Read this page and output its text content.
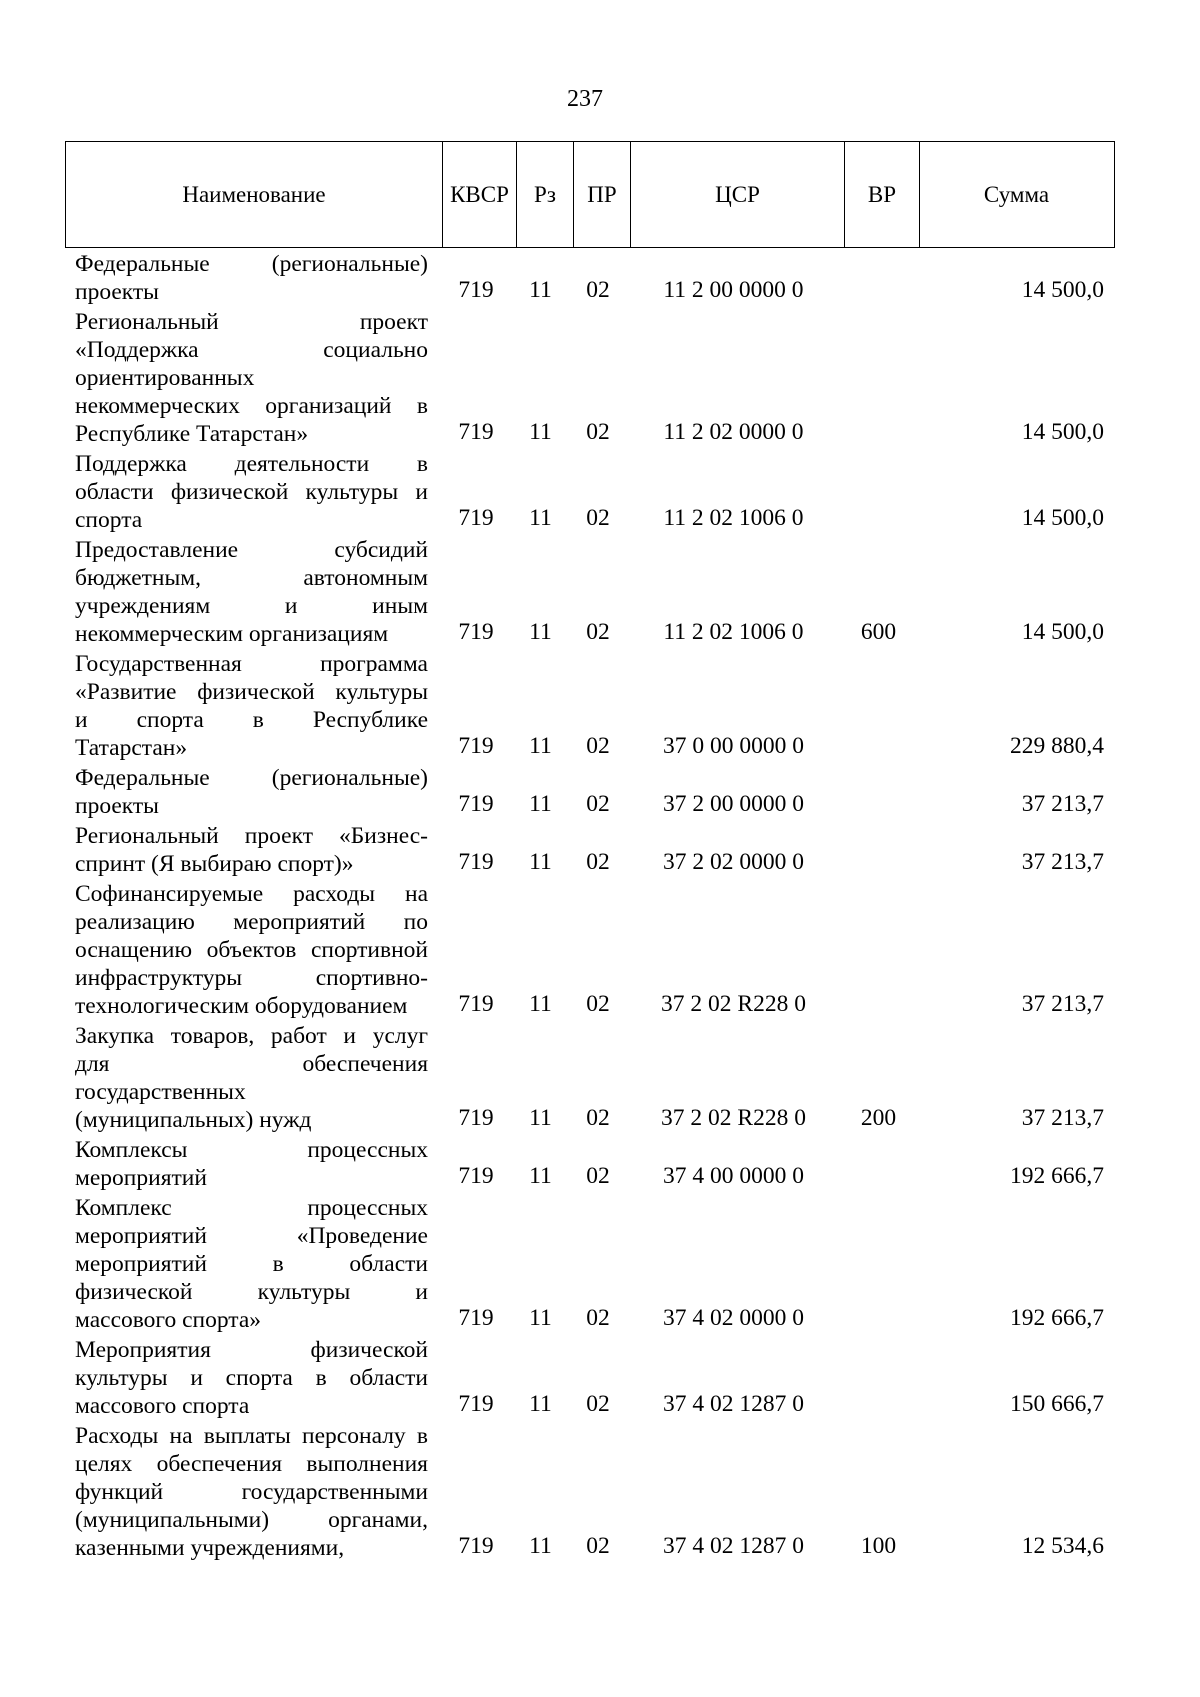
237
Наименование	КВСР	Рз	ПР	ЦСР	ВР	Сумма
Федеральные (региональные)
проекты	719	11	02	11 2 00 0000 0	14 500,0
Региональный проект
«Поддержка социально
ориентированных
некоммерческих организаций в
Республике Татарстан»	719	11	02	11 2 02 0000 0	14 500,0
Поддержка деятельности в
области физической культуры и
спорта	719	11	02	11 2 02 1006 0	14 500,0
Предоставление субсидий
бюджетным, автономным
учреждениям и иным
некоммерческим организациям	719	11	02	11 2 02 1006 0	600	14 500,0
Государственная программа
«Развитие физической культуры
и спорта в Республике
Татарстан»	719	11	02	37 0 00 0000 0	229 880,4
Федеральные (региональные)
проекты	719	11	02	37 2 00 0000 0	37 213,7
Региональный проект «Бизнес-
спринт (Я выбираю спорт)»	719	11	02	37 2 02 0000 0	37 213,7
Софинансируемые расходы на
реализацию мероприятий по
оснащению объектов спортивной
инфраструктуры спортивно-
технологическим оборудованием	719	11	02	37 2 02 R228 0	37 213,7
Закупка товаров, работ и услуг
для обеспечения
государственных
(муниципальных) нужд	719	11	02	37 2 02 R228 0	200	37 213,7
Комплексы процессных
мероприятий	719	11	02	37 4 00 0000 0	192 666,7
Комплекс процессных
мероприятий «Проведение
мероприятий в области
физической культуры и
массового спорта»	719	11	02	37 4 02 0000 0	192 666,7
Мероприятия физической
культуры и спорта в области
массового спорта	719	11	02	37 4 02 1287 0	150 666,7
Расходы на выплаты персоналу в
целях обеспечения выполнения
функций государственными
(муниципальными) органами,
казенными учреждениями,	719	11	02	37 4 02 1287 0	100	12 534,6
